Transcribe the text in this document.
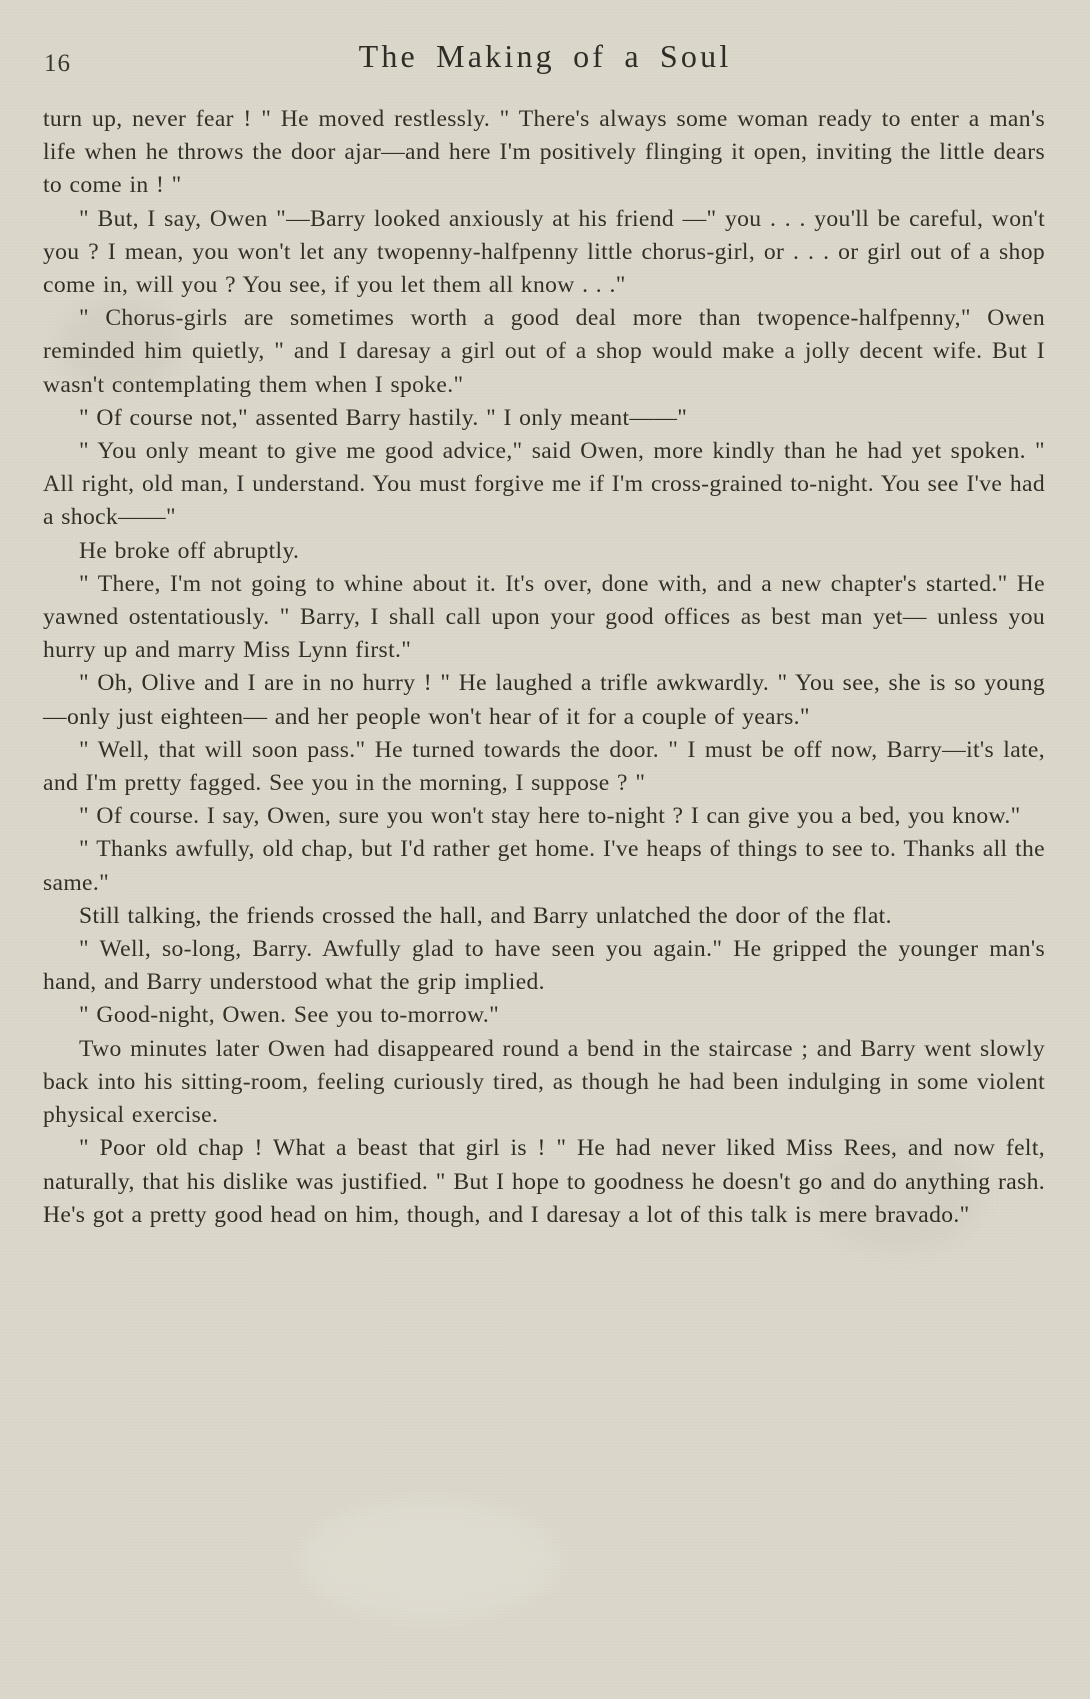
16	The Making of a Soul

turn up, never fear ! " He moved restlessly. " There's always some woman ready to enter a man's life when he throws the door ajar—and here I'm positively flinging it open, inviting the little dears to come in ! "

" But, I say, Owen "—Barry looked anxiously at his friend —" you . . . you'll be careful, won't you ? I mean, you won't let any twopenny-halfpenny little chorus-girl, or . . . or girl out of a shop come in, will you ? You see, if you let them all know . . ."

" Chorus-girls are sometimes worth a good deal more than twopence-halfpenny," Owen reminded him quietly, " and I daresay a girl out of a shop would make a jolly decent wife. But I wasn't contemplating them when I spoke."

" Of course not," assented Barry hastily. " I only meant——"

" You only meant to give me good advice," said Owen, more kindly than he had yet spoken. " All right, old man, I understand. You must forgive me if I'm cross-grained to-night. You see I've had a shock——"

He broke off abruptly.

" There, I'm not going to whine about it. It's over, done with, and a new chapter's started." He yawned ostentatiously. " Barry, I shall call upon your good offices as best man yet— unless you hurry up and marry Miss Lynn first."

" Oh, Olive and I are in no hurry ! " He laughed a trifle awkwardly. " You see, she is so young—only just eighteen— and her people won't hear of it for a couple of years."

" Well, that will soon pass." He turned towards the door. " I must be off now, Barry—it's late, and I'm pretty fagged. See you in the morning, I suppose ? "

" Of course. I say, Owen, sure you won't stay here to-night ? I can give you a bed, you know."

" Thanks awfully, old chap, but I'd rather get home. I've heaps of things to see to. Thanks all the same."

Still talking, the friends crossed the hall, and Barry unlatched the door of the flat.

" Well, so-long, Barry. Awfully glad to have seen you again." He gripped the younger man's hand, and Barry understood what the grip implied.

" Good-night, Owen. See you to-morrow."

Two minutes later Owen had disappeared round a bend in the staircase ; and Barry went slowly back into his sitting-room, feeling curiously tired, as though he had been indulging in some violent physical exercise.

" Poor old chap ! What a beast that girl is ! " He had never liked Miss Rees, and now felt, naturally, that his dislike was justified. " But I hope to goodness he doesn't go and do anything rash. He's got a pretty good head on him, though, and I daresay a lot of this talk is mere bravado."
